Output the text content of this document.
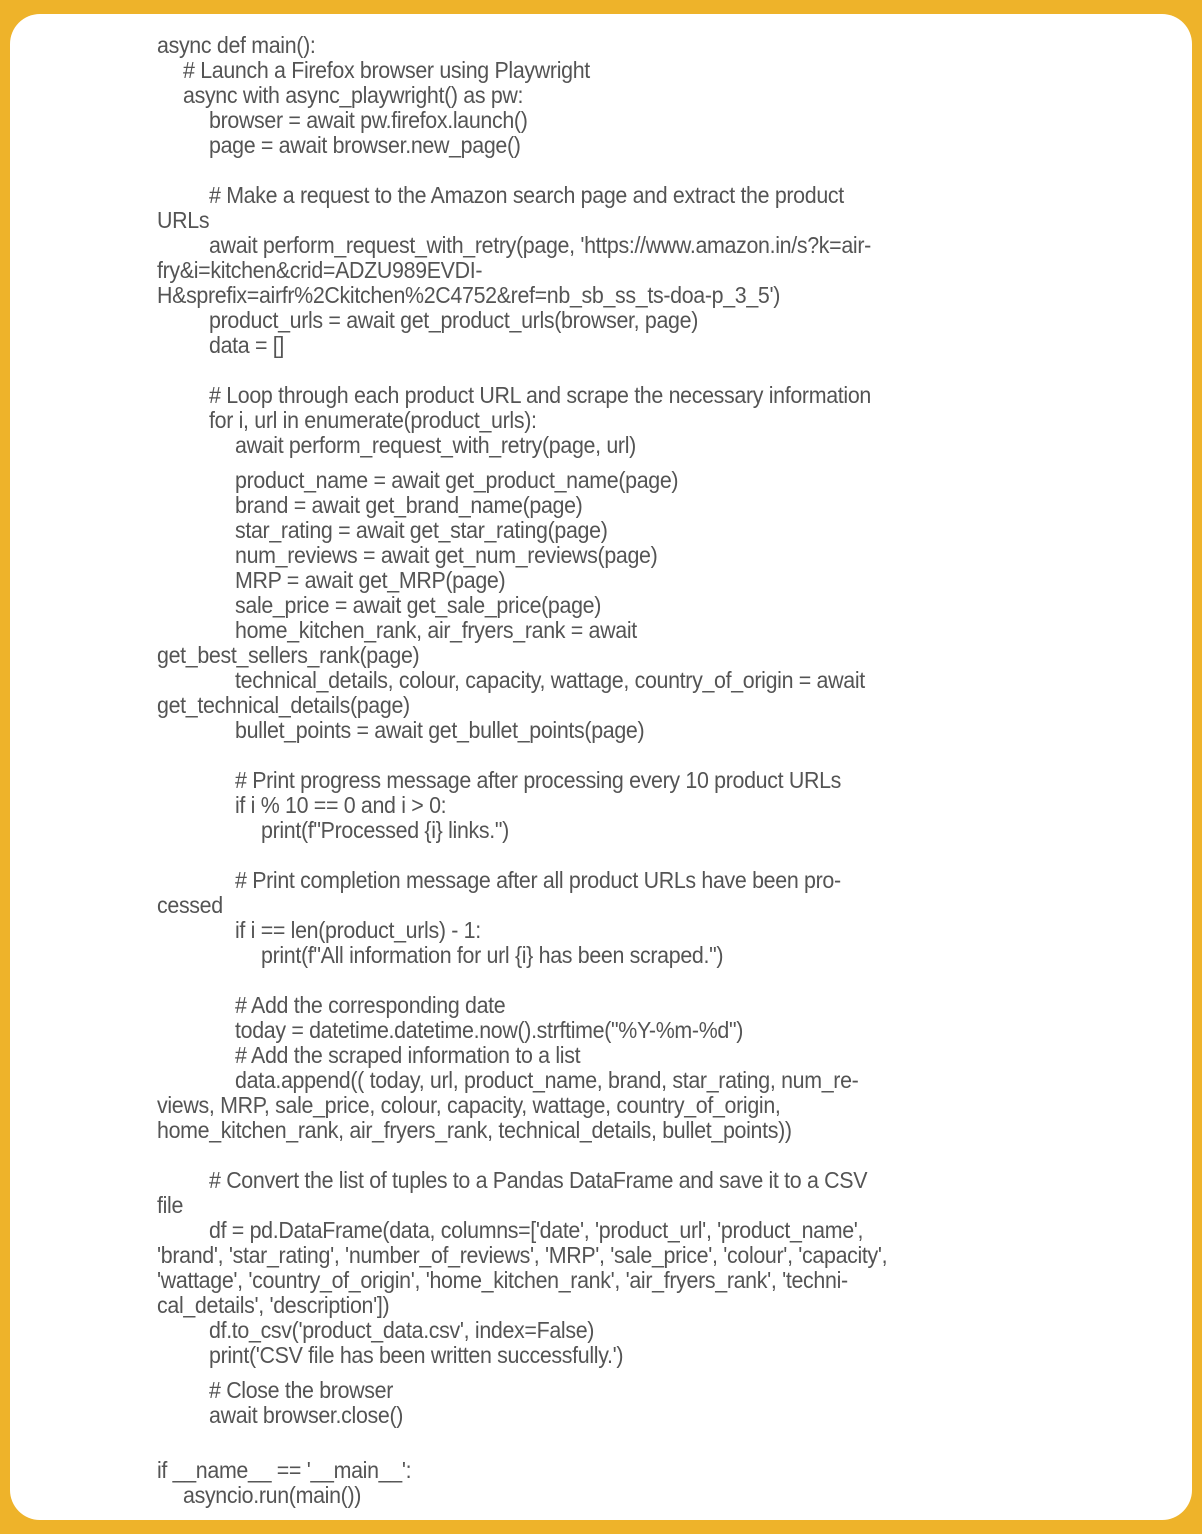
async def main():
# Launch a Firefox browser using Playwright
async with async_playwright() as pw:
browser = await pw.firefox.launch()
page = await browser.new_page()
# Make a request to the Amazon search page and extract the product
URLs
await perform_request_with_retry(page, 'https://www.amazon.in/s?k=air-
fry&i=kitchen&crid=ADZU989EVDI-
H&sprefix=airfr%2Ckitchen%2C4752&ref=nb_sb_ss_ts-doa-p_3_5')
product_urls = await get_product_urls(browser, page)
data = []
# Loop through each product URL and scrape the necessary information
for i, url in enumerate(product_urls):
await perform_request_with_retry(page, url)
product_name = await get_product_name(page)
brand = await get_brand_name(page)
star_rating = await get_star_rating(page)
num_reviews = await get_num_reviews(page)
MRP = await get_MRP(page)
sale_price = await get_sale_price(page)
home_kitchen_rank, air_fryers_rank = await
get_best_sellers_rank(page)
technical_details, colour, capacity, wattage, country_of_origin = await
get_technical_details(page)
bullet_points = await get_bullet_points(page)
# Print progress message after processing every 10 product URLs
if i % 10 == 0 and i > 0:
print(f"Processed {i} links.")
# Print completion message after all product URLs have been pro-
cessed
if i == len(product_urls) - 1:
print(f"All information for url {i} has been scraped.")
# Add the corresponding date
today = datetime.datetime.now().strftime("%Y-%m-%d")
# Add the scraped information to a list
data.append(( today, url, product_name, brand, star_rating, num_re-
views, MRP, sale_price, colour, capacity, wattage, country_of_origin,
home_kitchen_rank, air_fryers_rank, technical_details, bullet_points))
# Convert the list of tuples to a Pandas DataFrame and save it to a CSV
file
df = pd.DataFrame(data, columns=['date', 'product_url', 'product_name',
'brand', 'star_rating', 'number_of_reviews', 'MRP', 'sale_price', 'colour', 'capacity',
'wattage', 'country_of_origin', 'home_kitchen_rank', 'air_fryers_rank', 'techni-
cal_details', 'description'])
df.to_csv('product_data.csv', index=False)
print('CSV file has been written successfully.')
# Close the browser
await browser.close()
if __name__ == '__main__':
asyncio.run(main())
